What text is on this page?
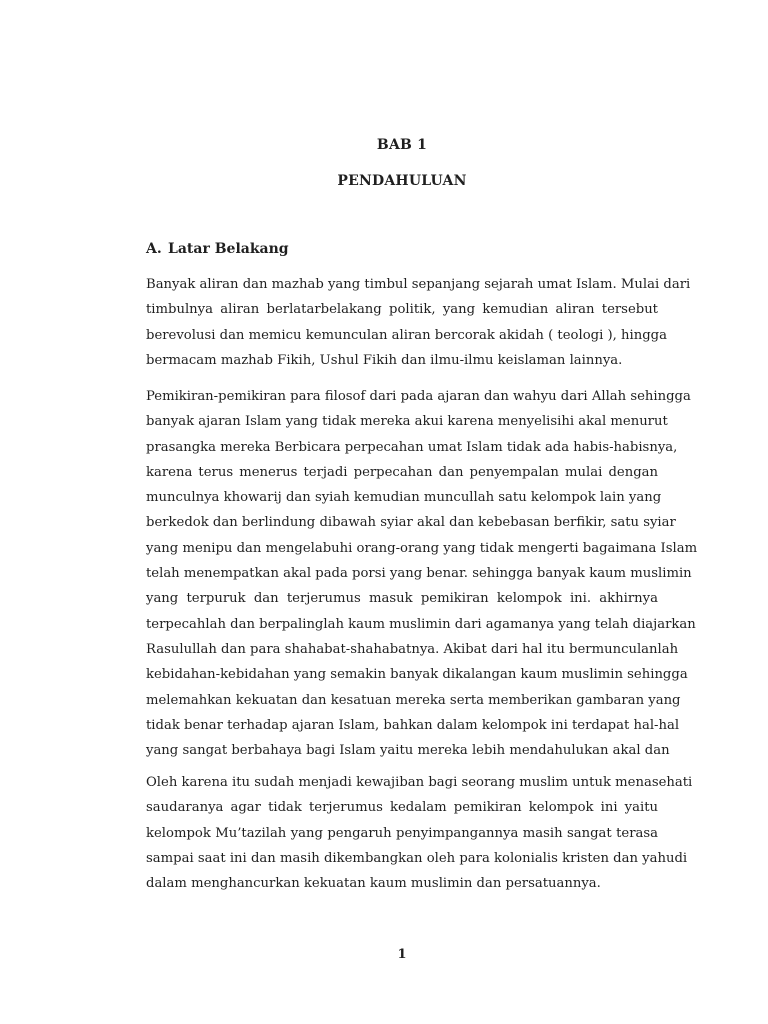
BAB 1
PENDAHULUAN
A. Latar Belakang
Banyak aliran dan mazhab yang timbul sepanjang sejarah umat Islam. Mulai dari
timbulnya aliran berlatarbelakang politik, yang kemudian aliran tersebut
berevolusi dan memicu kemunculan aliran bercorak akidah ( teologi ), hingga
bermacam mazhab Fikih, Ushul Fikih dan ilmu-ilmu keislaman lainnya.
Pemikiran-pemikiran para filosof dari pada ajaran dan wahyu dari Allah sehingga
banyak ajaran Islam yang tidak mereka akui karena menyelisihi akal menurut
prasangka mereka Berbicara perpecahan umat Islam tidak ada habis-habisnya,
karena terus menerus terjadi perpecahan dan penyempalan mulai dengan
munculnya khowarij dan syiah kemudian muncullah satu kelompok lain yang
berkedok dan berlindung dibawah syiar akal dan kebebasan berfikir, satu syiar
yang menipu dan mengelabuhi orang-orang yang tidak mengerti bagaimana Islam
telah menempatkan akal pada porsi yang benar. sehingga banyak kaum muslimin
yang terpuruk dan terjerumus masuk pemikiran kelompok ini. akhirnya
terpecahlah dan berpalinglah kaum muslimin dari agamanya yang telah diajarkan
Rasulullah dan para shahabat-shahabatnya. Akibat dari hal itu bermunculanlah
kebidahan-kebidahan yang semakin banyak dikalangan kaum muslimin sehingga
melemahkan kekuatan dan kesatuan mereka serta memberikan gambaran yang
tidak benar terhadap ajaran Islam, bahkan dalam kelompok ini terdapat hal-hal
yang sangat berbahaya bagi Islam yaitu mereka lebih mendahulukan akal dan
Oleh karena itu sudah menjadi kewajiban bagi seorang muslim untuk menasehati
saudaranya agar tidak terjerumus kedalam pemikiran kelompok ini yaitu
kelompok Mu’tazilah yang pengaruh penyimpangannya masih sangat terasa
sampai saat ini dan masih dikembangkan oleh para kolonialis kristen dan yahudi
dalam menghancurkan kekuatan kaum muslimin dan persatuannya.
1
